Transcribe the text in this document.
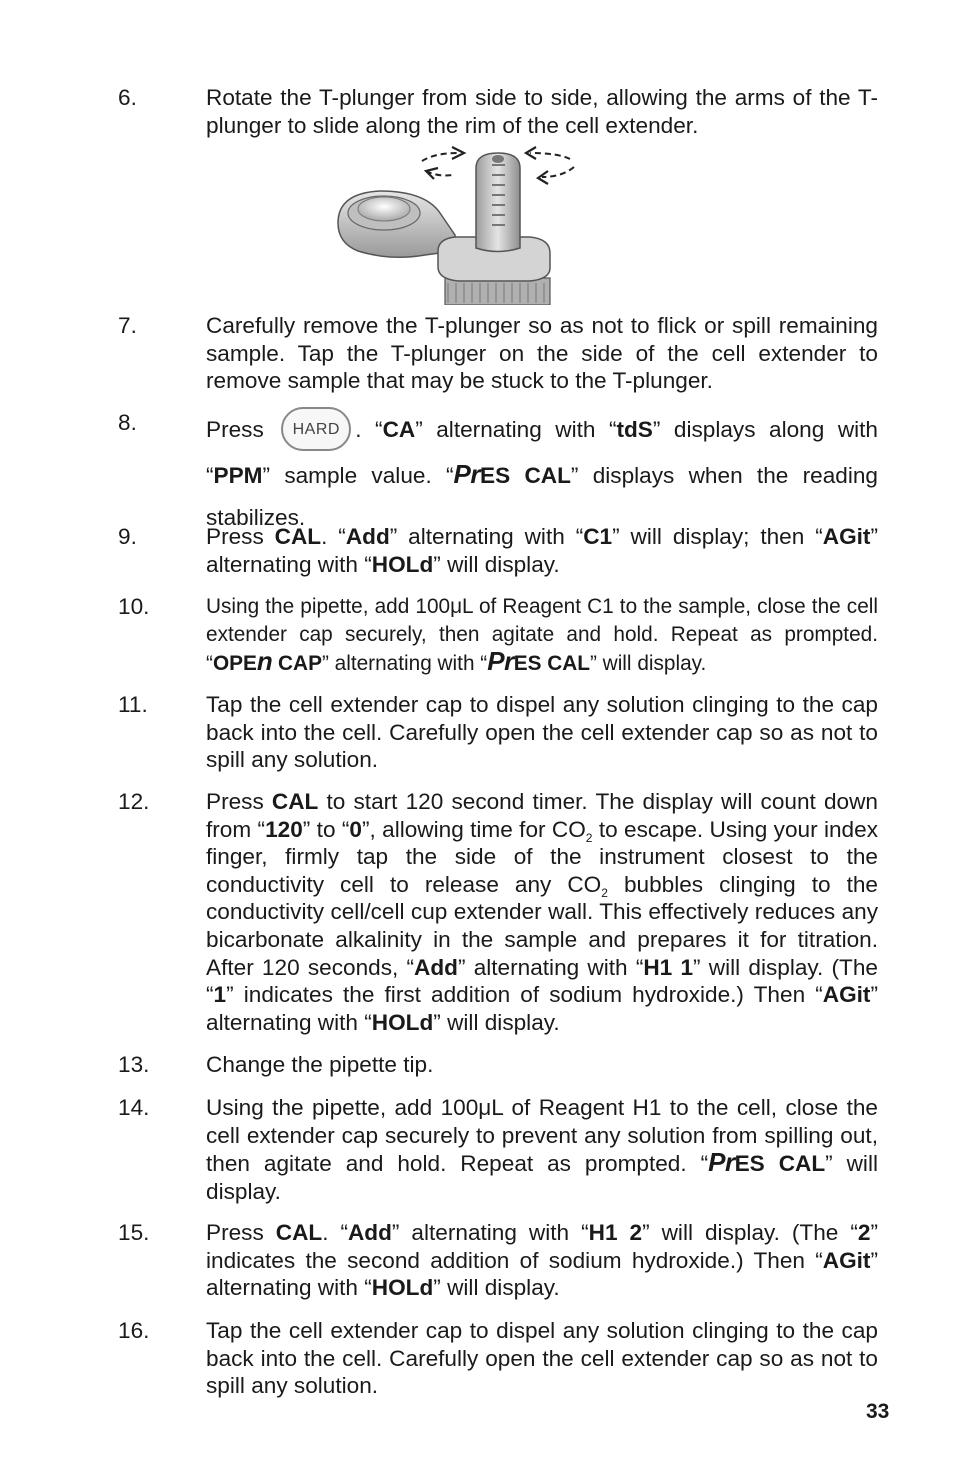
6.	Rotate the T-plunger from side to side, allowing the arms of the T-plunger to slide along the rim of the cell extender.
7.	Carefully remove the T-plunger so as not to flick or spill remaining sample. Tap the T-plunger on the side of the cell extender to remove sample that may be stuck to the T-plunger.
8.	Press HARD . “CA” alternating with “tdS” displays along with “PPM” sample value. “PrES CAL” displays when the reading stabilizes.
9.	Press CAL. “Add” alternating with “C1” will display; then “AGit” alternating with “HOLd” will display.
10.	Using the pipette, add 100μL of Reagent C1 to the sample, close the cell extender cap securely, then agitate and hold. Repeat as prompted. “OPEn CAP” alternating with “PrES CAL” will display.
11.	Tap the cell extender cap to dispel any solution clinging to the cap back into the cell. Carefully open the cell extender cap so as not to spill any solution.
12.	Press CAL to start 120 second timer. The display will count down from “120” to “0”, allowing time for $CO_2$ to escape. Using your index finger, firmly tap the side of the instrument closest to the conductivity cell to release any $CO_2$ bubbles clinging to the conductivity cell/cell cup extender wall. This effectively reduces any bicarbonate alkalinity in the sample and prepares it for titration. After 120 seconds, “Add” alternating with “H1 1” will display. (The “1” indicates the first addition of sodium hydroxide.) Then “AGit” alternating with “HOLd” will display.
13.	Change the pipette tip.
14.	Using the pipette, add 100μL of Reagent H1 to the cell, close the cell extender cap securely to prevent any solution from spilling out, then agitate and hold. Repeat as prompted. “PrES CAL” will display.
15.	Press CAL. “Add” alternating with “H1 2” will display. (The “2” indicates the second addition of sodium hydroxide.) Then “AGit” alternating with “HOLd” will display.
16.	Tap the cell extender cap to dispel any solution clinging to the cap back into the cell. Carefully open the cell extender cap so as not to spill any solution.
33
